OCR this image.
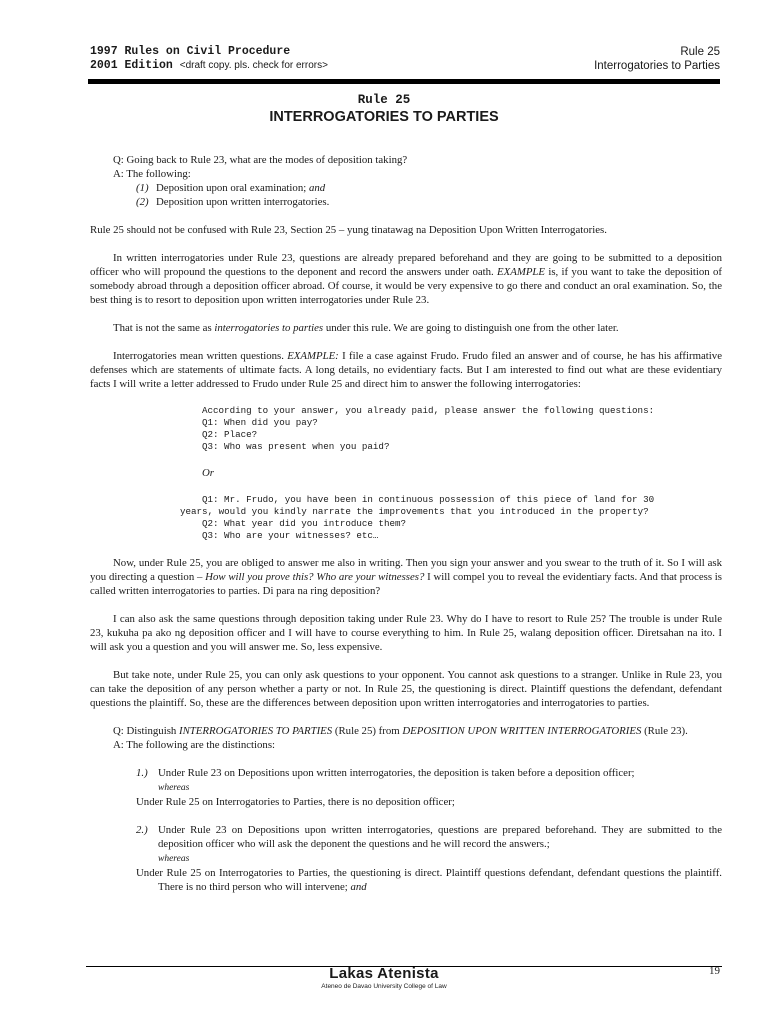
1997 Rules on Civil Procedure
2001 Edition <draft copy. pls. check for errors>
Rule 25
Interrogatories to Parties
Rule 25
INTERROGATORIES TO PARTIES

Q: Going back to Rule 23, what are the modes of deposition taking?

A: The following:

(1) Deposition upon oral examination; and

(2) Deposition upon written interrogatories.

Rule 25 should not be confused with Rule 23, Section 25 – yung tinatawag na Deposition Upon Written Interrogatories.

In written interrogatories under Rule 23, questions are already prepared beforehand and they are going to be submitted to a deposition officer who will propound the questions to the deponent and record the answers under oath. EXAMPLE is, if you want to take the deposition of somebody abroad through a deposition officer abroad. Of course, it would be very expensive to go there and conduct an oral examination. So, the best thing is to resort to deposition upon written interrogatories under Rule 23.

That is not the same as interrogatories to parties under this rule. We are going to distinguish one from the other later.

Interrogatories mean written questions. EXAMPLE: I file a case against Frudo. Frudo filed an answer and of course, he has his affirmative defenses which are statements of ultimate facts. A long details, no evidentiary facts. But I am interested to find out what are these evidentiary facts I will write a letter addressed to Frudo under Rule 25 and direct him to answer the following interrogatories:

According to your answer, you already paid, please answer the following questions:

Q1: When did you pay?

Q2: Place?

Q3: Who was present when you paid?

Or

Q1: Mr. Frudo, you have been in continuous possession of this piece of land for 30

years, would you kindly narrate the improvements that you introduced in the property?

Q2: What year did you introduce them?

Q3: Who are your witnesses? etc…

Now, under Rule 25, you are obliged to answer me also in writing. Then you sign your answer and you swear to the truth of it. So I will ask you directing a question – How will you prove this? Who are your witnesses? I will compel you to reveal the evidentiary facts. And that process is called written interrogatories to parties. Di para na ring deposition?

I can also ask the same questions through deposition taking under Rule 23. Why do I have to resort to Rule 25? The trouble is under Rule 23, kukuha pa ako ng deposition officer and I will have to course everything to him. In Rule 25, walang deposition officer. Diretsahan na ito. I will ask you a question and you will answer me. So, less expensive.

But take note, under Rule 25, you can only ask questions to your opponent. You cannot ask questions to a stranger. Unlike in Rule 23, you can take the deposition of any person whether a party or not. In Rule 25, the questioning is direct. Plaintiff questions the defendant, defendant questions the plaintiff. So, these are the differences between deposition upon written interrogatories and interrogatories to parties.

Q: Distinguish INTERROGATORIES TO PARTIES (Rule 25) from DEPOSITION UPON WRITTEN INTERROGATORIES (Rule 23).

A: The following are the distinctions:

1.) Under Rule 23 on Depositions upon written interrogatories, the deposition is taken before a deposition officer;

whereas

Under Rule 25 on Interrogatories to Parties, there is no deposition officer;

2.) Under Rule 23 on Depositions upon written interrogatories, questions are prepared beforehand. They are submitted to the deposition officer who will ask the deponent the questions and he will record the answers.;

whereas

Under Rule 25 on Interrogatories to Parties, the questioning is direct. Plaintiff questions defendant, defendant questions the plaintiff. There is no third person who will intervene; and

Lakas Atenista
Ateneo de Davao University College of Law
19
